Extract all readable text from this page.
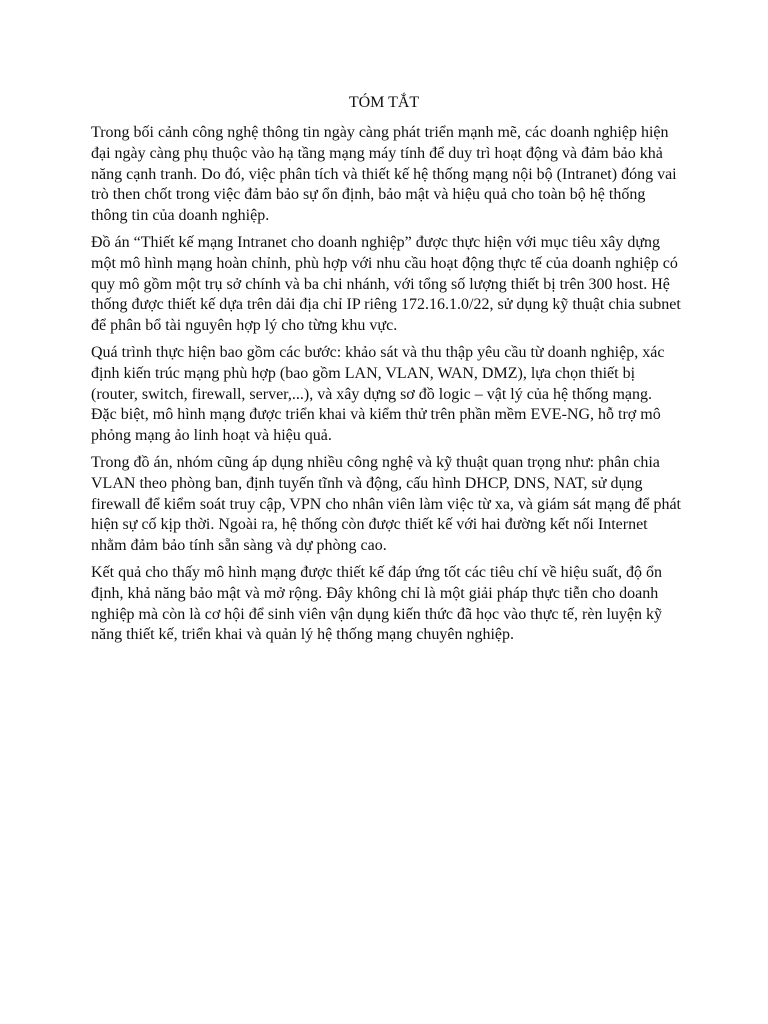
TÓM TẮT

Trong bối cảnh công nghệ thông tin ngày càng phát triển mạnh mẽ, các doanh nghiệp hiện đại ngày càng phụ thuộc vào hạ tầng mạng máy tính để duy trì hoạt động và đảm bảo khả năng cạnh tranh. Do đó, việc phân tích và thiết kế hệ thống mạng nội bộ (Intranet) đóng vai trò then chốt trong việc đảm bảo sự ổn định, bảo mật và hiệu quả cho toàn bộ hệ thống thông tin của doanh nghiệp.

Đồ án “Thiết kế mạng Intranet cho doanh nghiệp” được thực hiện với mục tiêu xây dựng một mô hình mạng hoàn chỉnh, phù hợp với nhu cầu hoạt động thực tế của doanh nghiệp có quy mô gồm một trụ sở chính và ba chi nhánh, với tổng số lượng thiết bị trên 300 host. Hệ thống được thiết kế dựa trên dải địa chỉ IP riêng 172.16.1.0/22, sử dụng kỹ thuật chia subnet để phân bổ tài nguyên hợp lý cho từng khu vực.

Quá trình thực hiện bao gồm các bước: khảo sát và thu thập yêu cầu từ doanh nghiệp, xác định kiến trúc mạng phù hợp (bao gồm LAN, VLAN, WAN, DMZ), lựa chọn thiết bị (router, switch, firewall, server,...), và xây dựng sơ đồ logic – vật lý của hệ thống mạng. Đặc biệt, mô hình mạng được triển khai và kiểm thử trên phần mềm EVE-NG, hỗ trợ mô phỏng mạng ảo linh hoạt và hiệu quả.

Trong đồ án, nhóm cũng áp dụng nhiều công nghệ và kỹ thuật quan trọng như: phân chia VLAN theo phòng ban, định tuyến tĩnh và động, cấu hình DHCP, DNS, NAT, sử dụng firewall để kiểm soát truy cập, VPN cho nhân viên làm việc từ xa, và giám sát mạng để phát hiện sự cố kịp thời. Ngoài ra, hệ thống còn được thiết kế với hai đường kết nối Internet nhằm đảm bảo tính sẵn sàng và dự phòng cao.

Kết quả cho thấy mô hình mạng được thiết kế đáp ứng tốt các tiêu chí về hiệu suất, độ ổn định, khả năng bảo mật và mở rộng. Đây không chỉ là một giải pháp thực tiễn cho doanh nghiệp mà còn là cơ hội để sinh viên vận dụng kiến thức đã học vào thực tế, rèn luyện kỹ năng thiết kế, triển khai và quản lý hệ thống mạng chuyên nghiệp.
